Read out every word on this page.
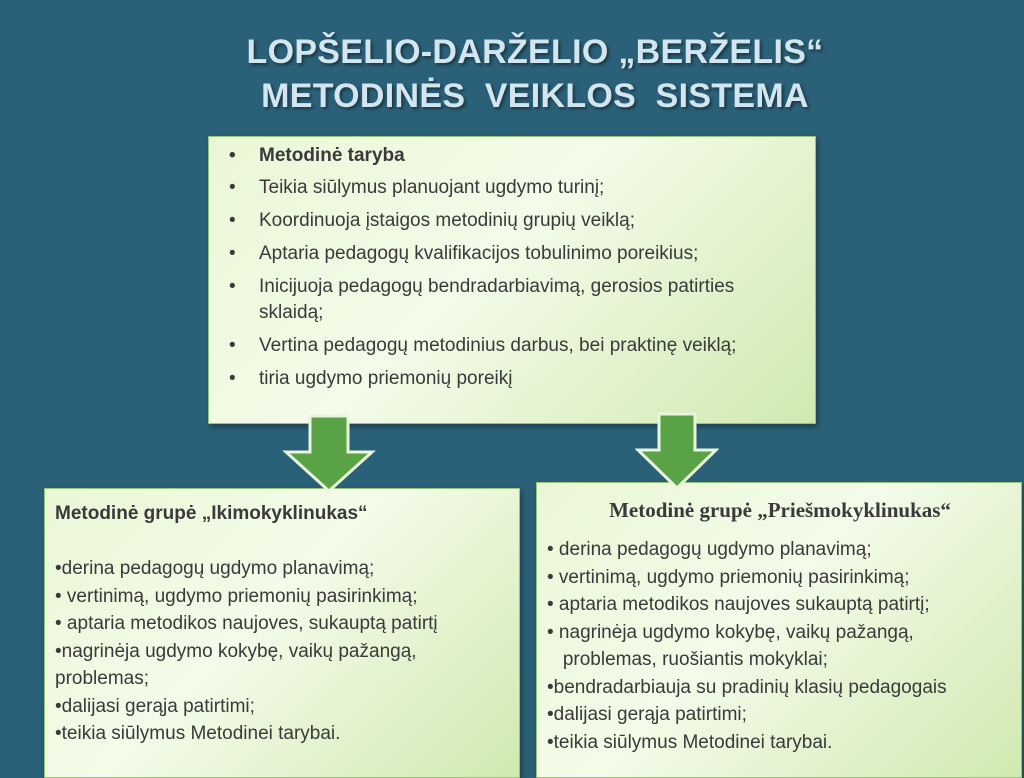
LOPŠELIO-DARŽELIO „BERŽELIS“
METODINĖS  VEIKLOS  SISTEMA
• Metodinė taryba
• Teikia siūlymus planuojant ugdymo turinį;
• Koordinuoja įstaigos metodinių grupių veiklą;
• Aptaria pedagogų kvalifikacijos tobulinimo poreikius;
• Inicijuoja pedagogų bendradarbiavimą, gerosios patirties sklaidą;
• Vertina pedagogų metodinius darbus, bei praktinę veiklą;
• tiria ugdymo priemonių poreikį
Metodinė grupė „Ikimokyklinukas“
•derina pedagogų ugdymo planavimą;
• vertinimą, ugdymo priemonių pasirinkimą;
• aptaria metodikos naujoves, sukauptą patirtį
•nagrinėja ugdymo kokybę, vaikų pažangą,
problemas;
•dalijasi gerąja patirtimi;
•teikia siūlymus Metodinei tarybai.
Metodinė grupė „Priešmokyklinukas“
• derina pedagogų ugdymo planavimą;
• vertinimą, ugdymo priemonių pasirinkimą;
• aptaria metodikos naujoves sukauptą patirtį;
• nagrinėja ugdymo kokybę, vaikų pažangą,
problemas, ruošiantis mokyklai;
•bendradarbiauja su pradinių klasių pedagogais
•dalijasi gerąja patirtimi;
•teikia siūlymus Metodinei tarybai.
